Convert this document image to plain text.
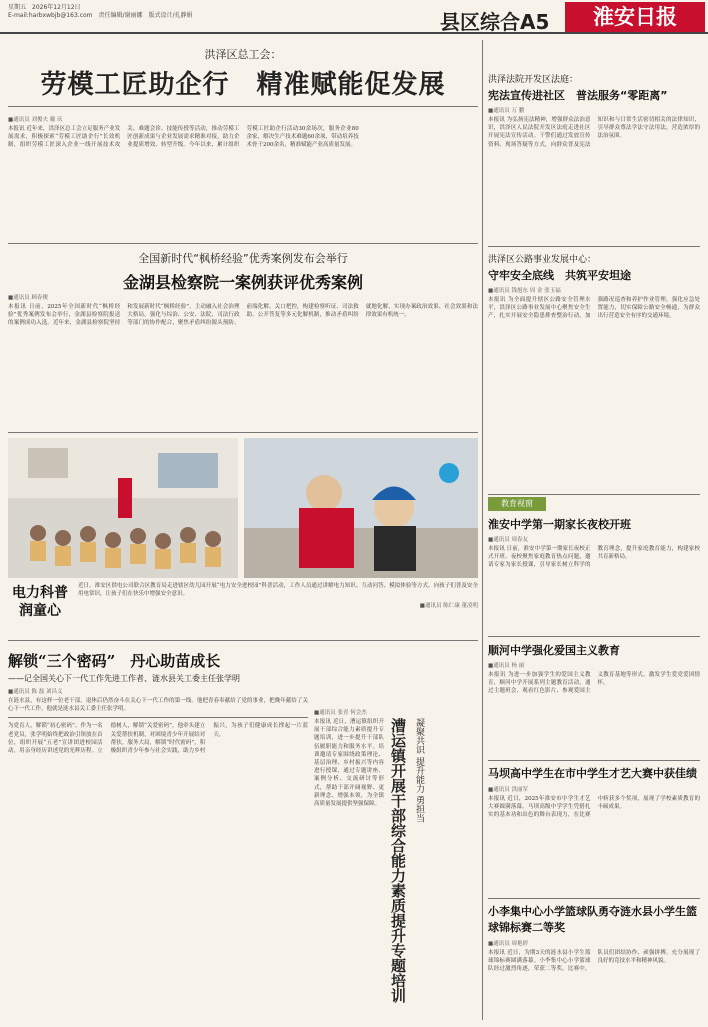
星期五　2026年12月12日
E-mail:harbxwbjb@163.com　责任编辑/谢丽娜　版式设计/孔静娟	县区综合A5	淮安日报
洪泽区总工会：
劳模工匠助企行　精准赋能促发展
■通讯员 刘俊夫 戴 庆
本报讯 近年来，洪泽区总工会立足服务产业发展需求，积极探索“劳模工匠助企行”长效机制，组织劳模工匠深入企业一线开展技术攻关、难题会诊、技能传授等活动，推动劳模工匠创新成果与企业发展需求精准对接，助力企业提质增效、转型升级。今年以来，累计组织劳模工匠助企行活动30余场次，服务企业80余家，解决生产技术难题60余项，带动培养技术骨干200余名，精准赋能产业高质量发展。
全国新时代“枫桥经验”优秀案例发布会举行
金湖县检察院一案例获评优秀案例
■通讯员 顾春俊
本报讯 日前，2025年全国新时代“枫桥经验”优秀案例发布会举行，金湖县检察院报送的案例成功入选。近年来，金湖县检察院坚持和发展新时代“枫桥经验”，主动融入社会治理大格局，强化与综治、公安、法院、司法行政等部门的协作配合，聚焦矛盾纠纷源头预防、前端化解、关口把控，构建检察听证、司法救助、公开答复等多元化解机制，推动矛盾纠纷就地化解，实现办案政治效果、社会效果和法律效果有机统一。
电力科普 润童心
近日，淮安区供电公司联合区教育局走进辖区幼儿园开展“电力安全进校园”科普活动，工作人员通过讲解电力知识、互动问答、模拟体验等方式，向孩子们普及安全用电常识，让孩子们在快乐中增强安全意识。
■通讯员 陈仁康 董凌明
解锁“三个密码”　丹心助苗成长
——记全国关心下一代工作先进工作者、涟水县关工委主任张学明
■通讯员 陈 磊 刘昌义
在涟水县，有这样一位老干部，退休后仍然奋斗在关心下一代工作的第一线。他把青春奉献给了党的事业，把晚年献给了关心下一代工作。他就是涟水县关工委主任张学明。
为党育人，解锁“初心密码”。作为一名老党员，张学明始终把政治引领放在首位，组织开展“五老”宣讲团进校园活动，用亲身经历讲述党的光辉历程。立德树人，解锁“关爱密码”，他牵头建立关爱帮扶机制，对困境青少年开展结对帮扶。服务大局，解锁“时代密码”，积极组织青少年参与社会实践，助力乡村振兴，为孩子们健康成长撑起一片蓝天。
■通讯员 张青 何会杰
本报讯 近日，漕运镇组织开展干部综合能力素质提升专题培训，进一步提升干部队伍履职能力和服务水平。培训邀请专家围绕政策理论、基层治理、乡村振兴等内容进行授课，通过专题讲座、案例分析、交流研讨等形式，帮助干部开阔视野、更新理念、增强本领，为全镇高质量发展提供坚强保障。 漕运镇开展干部综合能力素质提升专题培训 凝聚共识 提升能力 勇担当
洪泽法院开发区法庭：
宪法宣传进社区　普法服务“零距离”
■通讯员 万 鹏
本报讯 为弘扬宪法精神，增强群众法治意识，洪泽区人民法院开发区法庭走进社区开展宪法宣传活动。干警们通过发放宣传资料、现场答疑等方式，向群众普及宪法知识和与日常生活密切相关的法律知识，引导群众尊法学法守法用法，营造浓厚的法治氛围。
洪泽区公路事业发展中心：
守牢安全底线　共筑平安坦途
■通讯员 钱旭东 周 金 张玉福
本报讯 为全面提升辖区公路安全管理水平，洪泽区公路事业发展中心聚焦安全生产，扎实开展安全隐患排查整治行动，加强路况巡查和养护作业管理，强化应急处置能力，切实保障公路安全畅通，为群众出行营造安全有序的交通环境。
教育视窗
淮安中学第一期家长夜校开班
■通讯员 周春友
本报讯 日前，淮安中学第一期家长夜校正式开班。夜校聚焦家庭教育热点问题，邀请专家为家长授课，引导家长树立科学的教育理念，提升家庭教育能力，构建家校共育新格局。
顺河中学强化爱国主义教育
■通讯员 杨 丽
本报讯 为进一步加强学生的爱国主义教育，顺河中学开展系列主题教育活动，通过主题班会、观看红色影片、参观爱国主义教育基地等形式，激发学生爱党爱国情怀。
马坝高中学生在市中学生才艺大赛中获佳绩
■通讯员 洪丽军
本报讯 近日，2025年淮安市中学生才艺大赛圆满落幕。马坝高级中学学生凭借扎实的基本功和出色的舞台表现力，在比赛中斩获多个奖项，展现了学校素质教育的丰硕成果。
小李集中心小学篮球队勇夺涟水县小学生篮球锦标赛二等奖
■通讯员 周艳婷
本报讯 近日，为期3天的涟水县小学生篮球锦标赛圆满落幕。小李集中心小学篮球队经过激烈角逐，荣获二等奖。比赛中，队员们团结协作、顽强拼搏，充分展现了良好的竞技水平和精神风貌。
